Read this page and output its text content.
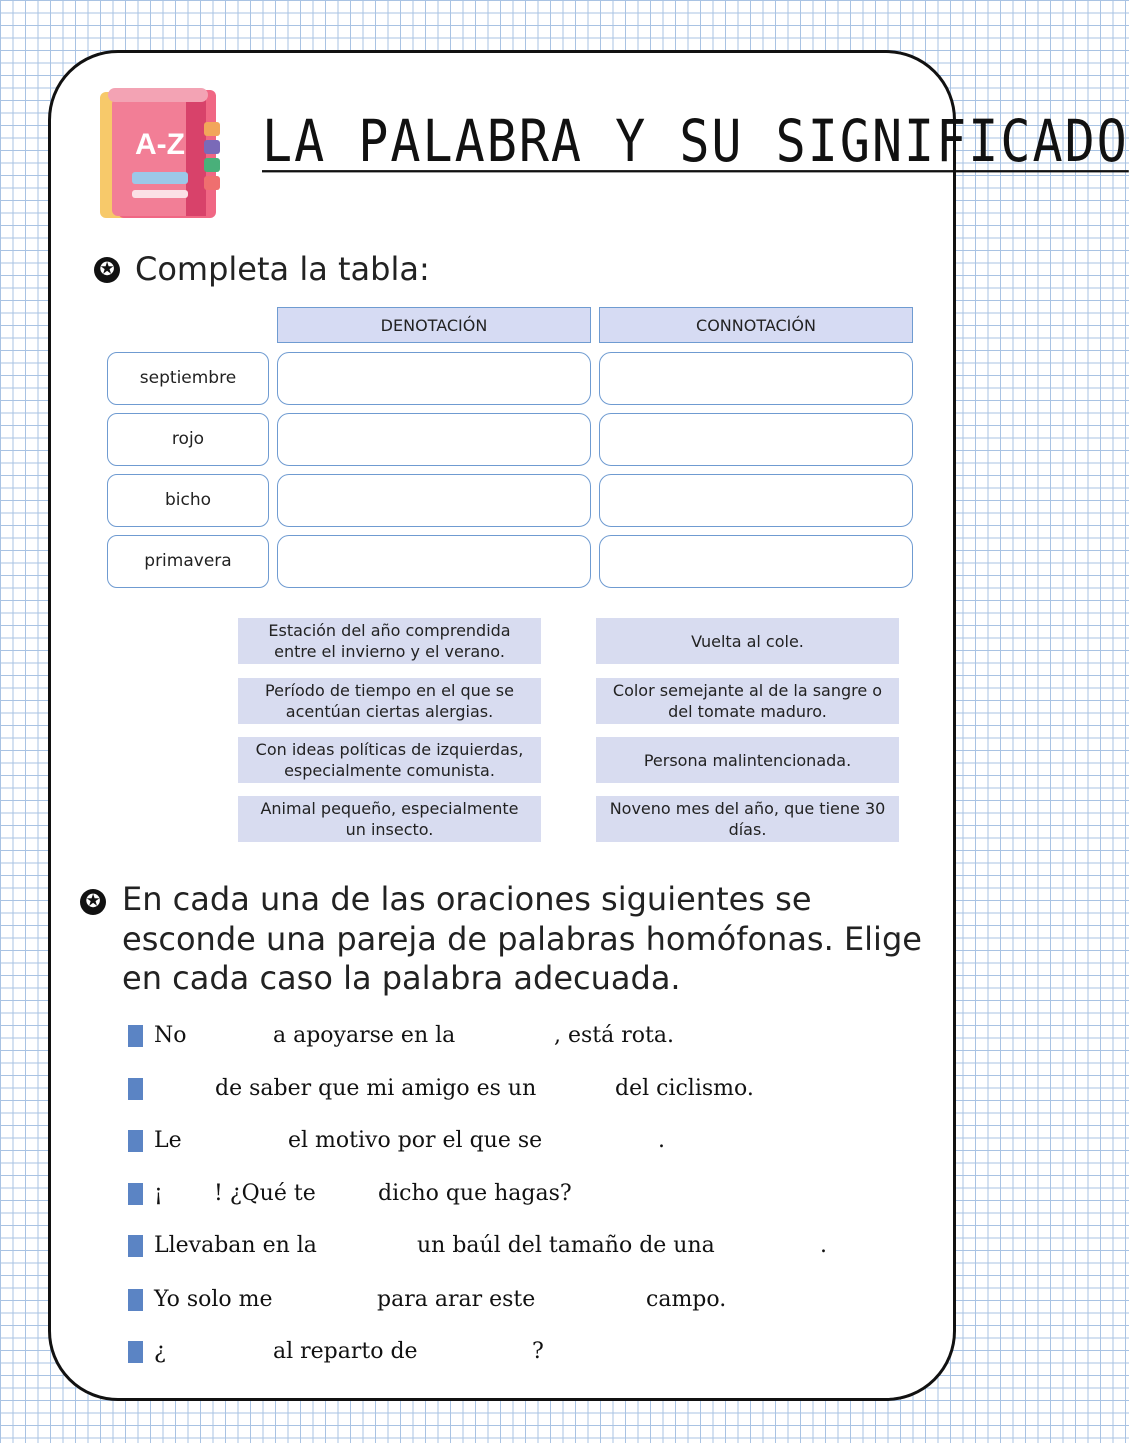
A-Z LA PALABRA Y SU SIGNIFICADO
✪ Completa la tabla:
DENOTACIÓN	CONNOTACIÓN
septiembre
rojo
bicho
primavera
Estación del año comprendida entre el invierno y el verano.
Período de tiempo en el que se acentúan ciertas alergias.
Con ideas políticas de izquierdas, especialmente comunista.
Animal pequeño, especialmente un insecto.
Vuelta al cole.
Color semejante al de la sangre o del tomate maduro.
Persona malintencionada.
Noveno mes del año, que tiene 30 días.
✪ En cada una de las oraciones siguientes se esconde una pareja de palabras homófonas. Elige en cada caso la palabra adecuada.
No	a apoyarse en la	, está rota.
de saber que mi amigo es un	del ciclismo.
Le	el motivo por el que se	.
¡ ! ¿Qué te	dicho que hagas?
Llevaban en la	un baúl del tamaño de una	.
Yo solo me	para arar este	campo.
¿	al reparto de	?
